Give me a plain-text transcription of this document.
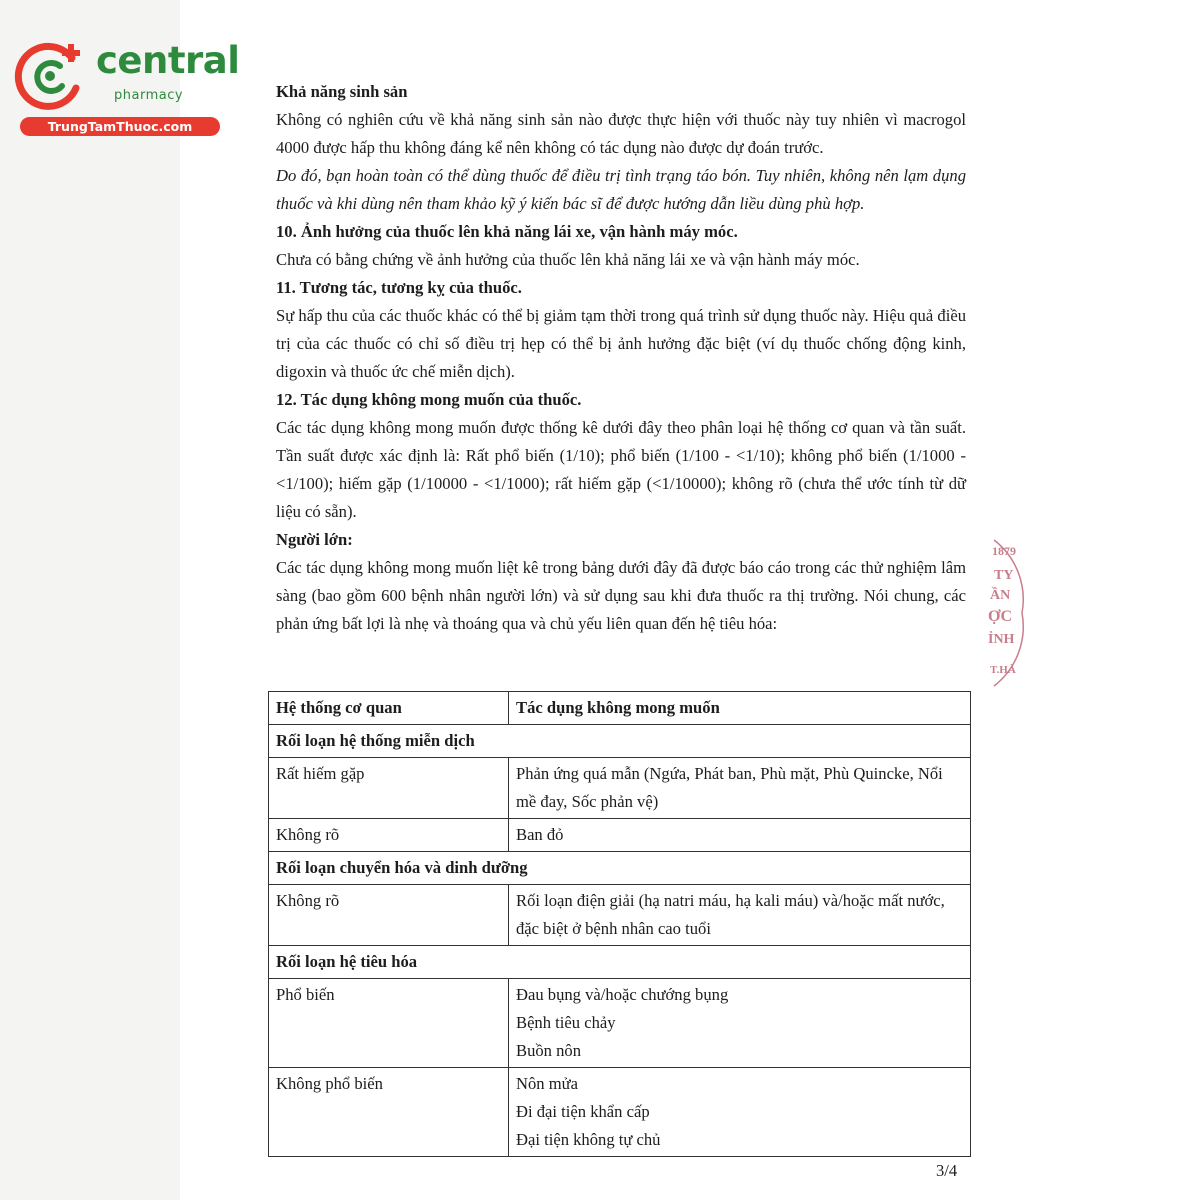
central
pharmacy
TrungTamThuoc.com
Khả năng sinh sản

Không có nghiên cứu về khả năng sinh sản nào được thực hiện với thuốc này tuy nhiên vì macrogol 4000 được hấp thu không đáng kể nên không có tác dụng nào được dự đoán trước.

Do đó, bạn hoàn toàn có thể dùng thuốc để điều trị tình trạng táo bón. Tuy nhiên, không nên lạm dụng thuốc và khi dùng nên tham khảo kỹ ý kiến bác sĩ để được hướng dẫn liều dùng phù hợp.

10. Ảnh hưởng của thuốc lên khả năng lái xe, vận hành máy móc.

Chưa có bằng chứng về ảnh hưởng của thuốc lên khả năng lái xe và vận hành máy móc.

11. Tương tác, tương kỵ của thuốc.

Sự hấp thu của các thuốc khác có thể bị giảm tạm thời trong quá trình sử dụng thuốc này. Hiệu quả điều trị của các thuốc có chỉ số điều trị hẹp có thể bị ảnh hưởng đặc biệt (ví dụ thuốc chống động kinh, digoxin và thuốc ức chế miễn dịch).

12. Tác dụng không mong muốn của thuốc.

Các tác dụng không mong muốn được thống kê dưới đây theo phân loại hệ thống cơ quan và tần suất. Tần suất được xác định là: Rất phổ biến (1/10); phổ biến (1/100 - <1/10); không phổ biến (1/1000 - <1/100); hiếm gặp (1/10000 - <1/1000); rất hiếm gặp (<1/10000); không rõ (chưa thể ước tính từ dữ liệu có sẵn).

Người lớn:

Các tác dụng không mong muốn liệt kê trong bảng dưới đây đã được báo cáo trong các thử nghiệm lâm sàng (bao gồm 600 bệnh nhân người lớn) và sử dụng sau khi đưa thuốc ra thị trường. Nói chung, các phản ứng bất lợi là nhẹ và thoáng qua và chủ yếu liên quan đến hệ tiêu hóa:

Hệ thống cơ quan	Tác dụng không mong muốn
Rối loạn hệ thống miễn dịch	
Rất hiếm gặp	Phản ứng quá mẫn (Ngứa, Phát ban, Phù mặt, Phù Quincke, Nổi mề đay, Sốc phản vệ)

Không rõ	Ban đỏ

Rối loạn chuyển hóa và dinh dưỡng	
Không rõ	Rối loạn điện giải (hạ natri máu, hạ kali máu) và/hoặc mất nước, đặc biệt ở bệnh nhân cao tuổi

Rối loạn hệ tiêu hóa	
Phổ biến	Đau bụng và/hoặc chướng bụng
Bệnh tiêu chảy
Buồn nôn

Không phổ biến	Nôn mửa
Đi đại tiện khẩn cấp
Đại tiện không tự chủ
1879
TY
ẦN
ỢC
ỈNH
T.HÀ
3/4
